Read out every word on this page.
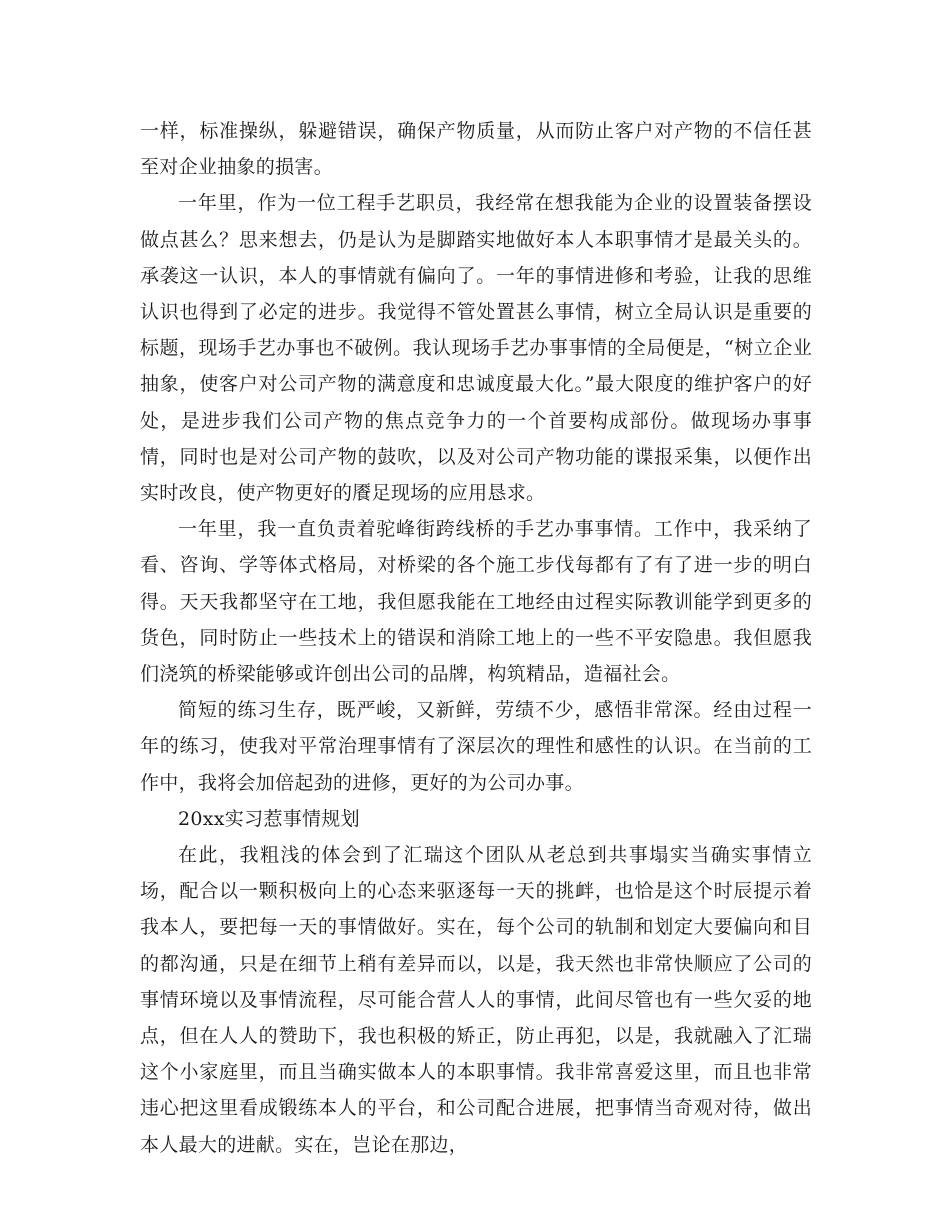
一样，标准操纵，躲避错误，确保产物质量，从而防止客户对产物的不信任甚至对企业抽象的损害。

一年里，作为一位工程手艺职员，我经常在想我能为企业的设置装备摆设做点甚么？思来想去，仍是认为是脚踏实地做好本人本职事情才是最关头的。承袭这一认识，本人的事情就有偏向了。一年的事情进修和考验，让我的思维认识也得到了必定的进步。我觉得不管处置甚么事情，树立全局认识是重要的标题，现场手艺办事也不破例。我认现场手艺办事事情的全局便是，“树立企业抽象，使客户对公司产物的满意度和忠诚度最大化。”最大限度的维护客户的好处，是进步我们公司产物的焦点竞争力的一个首要构成部份。做现场办事事情，同时也是对公司产物的鼓吹，以及对公司产物功能的谍报采集，以便作出实时改良，使产物更好的餍足现场的应用恳求。

一年里，我一直负责着驼峰街跨线桥的手艺办事事情。工作中，我采纳了看、咨询、学等体式格局，对桥梁的各个施工步伐每都有了有了进一步的明白得。天天我都坚守在工地，我但愿我能在工地经由过程实际教训能学到更多的货色，同时防止一些技术上的错误和消除工地上的一些不平安隐患。我但愿我们浇筑的桥梁能够或许创出公司的品牌，构筑精品，造福社会。

简短的练习生存，既严峻，又新鲜，劳绩不少，感悟非常深。经由过程一年的练习，使我对平常治理事情有了深层次的理性和感性的认识。在当前的工作中，我将会加倍起劲的进修，更好的为公司办事。

20xx实习惹事情规划

在此，我粗浅的体会到了汇瑞这个团队从老总到共事塌实当确实事情立场，配合以一颗积极向上的心态来驱逐每一天的挑衅，也恰是这个时辰提示着我本人，要把每一天的事情做好。实在，每个公司的轨制和划定大要偏向和目的都沟通，只是在细节上稍有差异而以，以是，我天然也非常快顺应了公司的事情环境以及事情流程，尽可能合营人人的事情，此间尽管也有一些欠妥的地点，但在人人的赞助下，我也积极的矫正，防止再犯，以是，我就融入了汇瑞这个小家庭里，而且当确实做本人的本职事情。我非常喜爱这里，而且也非常违心把这里看成锻练本人的平台，和公司配合进展，把事情当奇观对待，做出本人最大的进献。实在，岂论在那边，
